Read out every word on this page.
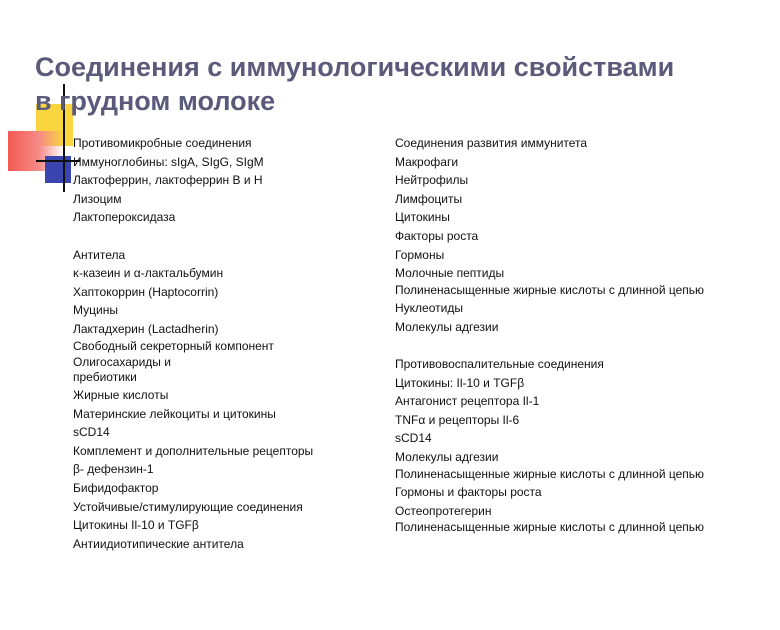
Соединения с иммунологическими свойствами
в грудном молоке
Противомикробные соединения
Иммуноглобины: sIgA, SIgG, SIgM
Лактоферрин, лактоферрин B и H
Лизоцим
Лактопероксидаза
Антитела
κ-казеин и α-лактальбумин
Хаптокоррин (Haptocorrin)
Муцины
Лактадхерин (Lactadherin)
Свободный секреторный компонент
Олигосахариды и пребиотики
Жирные кислоты
Материнские лейкоциты и цитокины
sCD14
Комплемент и дополнительные рецепторы
β- дефензин-1
Бифидофактор
Устойчивые/стимулирующие соединения
Цитокины Il-10 и TGFβ
Антиидиотипические антитела
Соединения развития иммунитета
Макрофаги
Нейтрофилы
Лимфоциты
Цитокины
Факторы роста
Гормоны
Молочные пептиды
Полиненасыщенные жирные кислоты с длинной цепью
Нуклеотиды
Молекулы адгезии
Противовоспалительные соединения
Цитокины: Il-10 и TGFβ
Антагонист рецептора Il-1
TNFα и рецепторы Il-6
sCD14
Молекулы адгезии
Полиненасыщенные жирные кислоты с длинной цепью
Гормоны и факторы роста
Остеопротегерин
Полиненасыщенные жирные кислоты с длинной цепью
